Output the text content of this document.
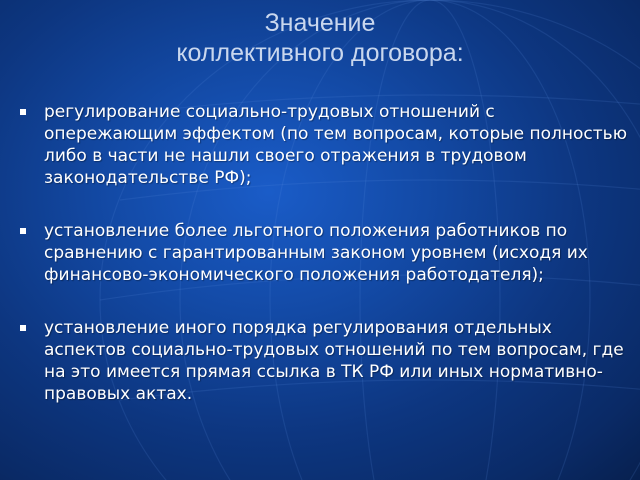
Значение
коллективного договора:
регулирование социально-трудовых отношений с опережающим эффектом (по тем вопросам, которые полностью либо в части не нашли своего отражения в трудовом законодательстве РФ);
установление более льготного положения работников по сравнению с гарантированным законом уровнем (исходя их финансово-экономического положения работодателя);
установление иного порядка регулирования отдельных аспектов социально-трудовых отношений по тем вопросам, где на это имеется прямая ссылка в ТК РФ или иных нормативно-правовых актах.
